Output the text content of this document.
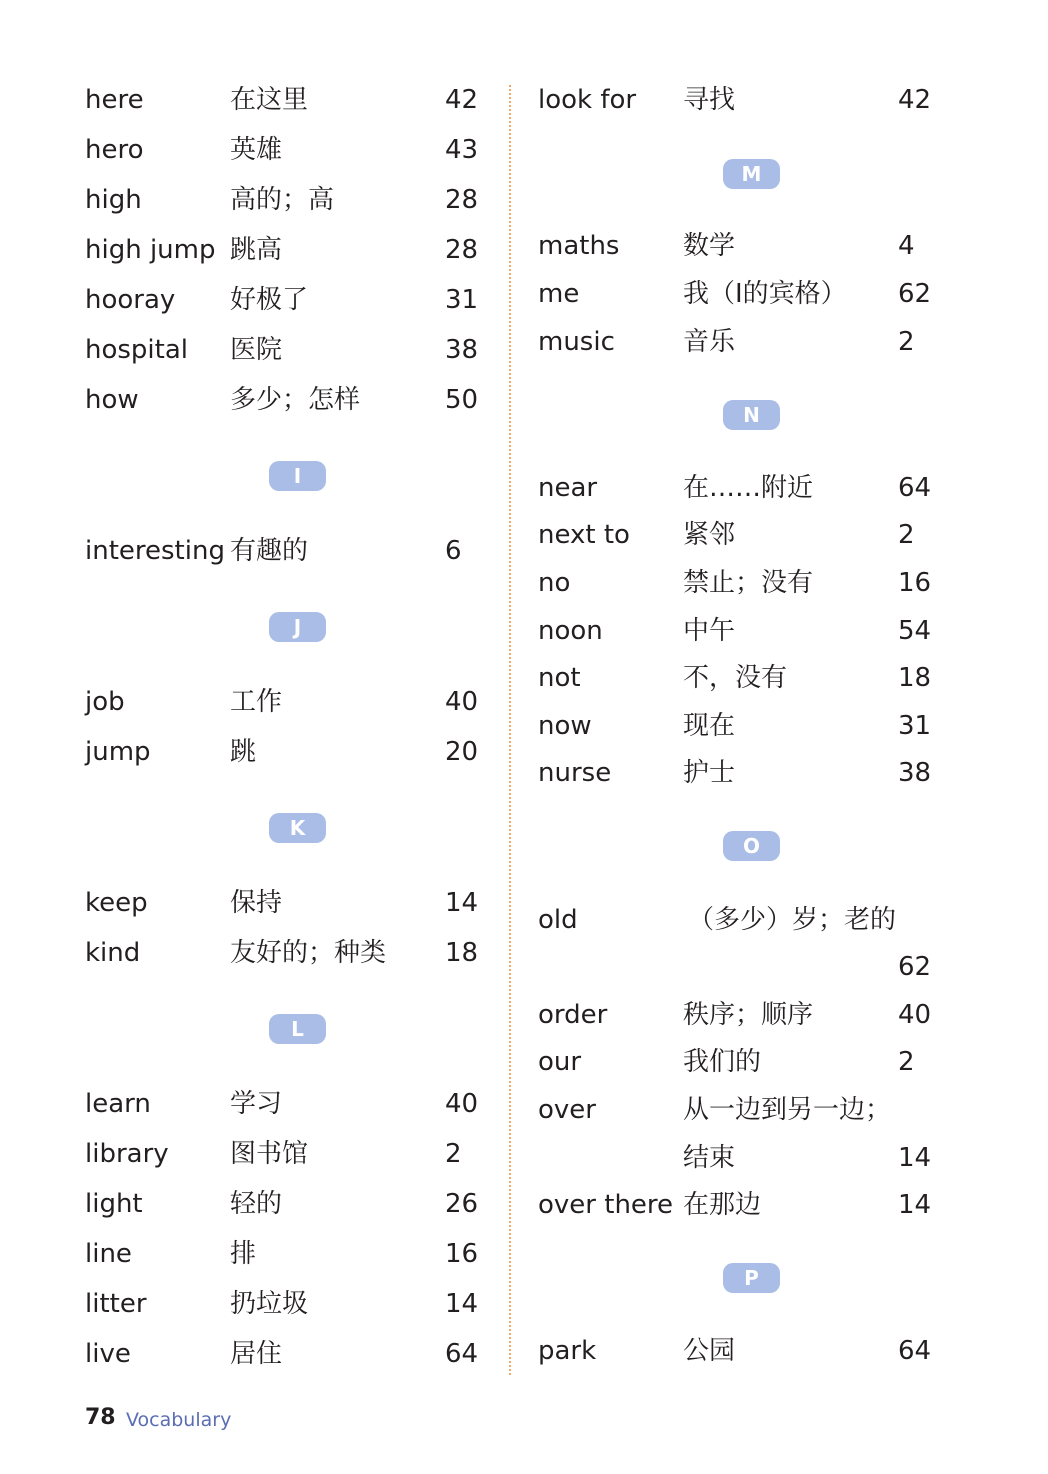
here	在这里	42
hero	英雄	43
high	高的；高	28
high jump 跳高	28
hooray 好极了	31
hospital 医院	38
how	多少；怎样	50
I
interesting 有趣的	6
J
job	工作	40
jump	跳	20
K
keep	保持	14
kind	友好的；种类 18
L
learn	学习	40
library 图书馆	2
light	轻的	26
line	排	16
litter	扔垃圾	14
live	居住	64
look for 寻找	42
M
maths 数学	4
me	我（I的宾格） 62
music	音乐	2
N
near	在……附近	64
next to 紧邻	2
no	禁止；没有	16
noon	中午	54
not	不，没有	18
now	现在	31
nurse	护士	38
O
old	（多少）岁；老的
62
order	秩序；顺序	40
our	我们的	2
over	从一边到另一边；
结束	14
over there 在那边	14
P
park	公园	64
78 Vocabulary
